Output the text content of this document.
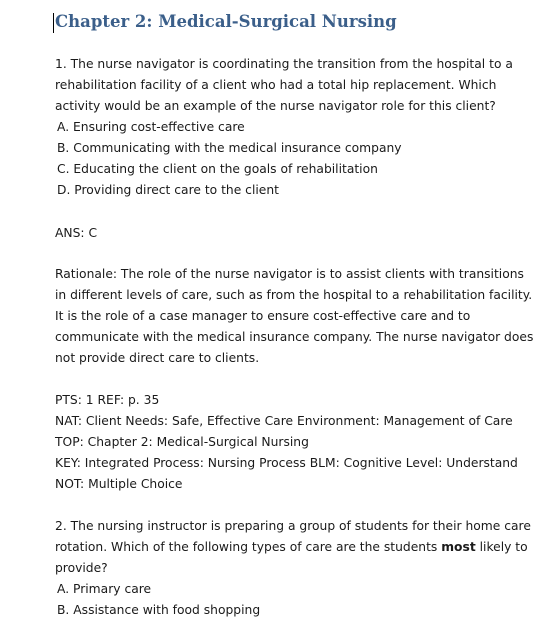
Chapter 2: Medical-Surgical Nursing
1. The nurse navigator is coordinating the transition from the hospital to a
rehabilitation facility of a client who had a total hip replacement. Which
activity would be an example of the nurse navigator role for this client?
A. Ensuring cost-effective care
B. Communicating with the medical insurance company
C. Educating the client on the goals of rehabilitation
D. Providing direct care to the client
ANS: C
Rationale: The role of the nurse navigator is to assist clients with transitions
in different levels of care, such as from the hospital to a rehabilitation facility.
It is the role of a case manager to ensure cost-effective care and to
communicate with the medical insurance company. The nurse navigator does
not provide direct care to clients.
PTS: 1 REF: p. 35
NAT: Client Needs: Safe, Effective Care Environment: Management of Care
TOP: Chapter 2: Medical-Surgical Nursing
KEY: Integrated Process: Nursing Process BLM: Cognitive Level: Understand
NOT: Multiple Choice
2. The nursing instructor is preparing a group of students for their home care
rotation. Which of the following types of care are the students most likely to
provide?
A. Primary care
B. Assistance with food shopping
